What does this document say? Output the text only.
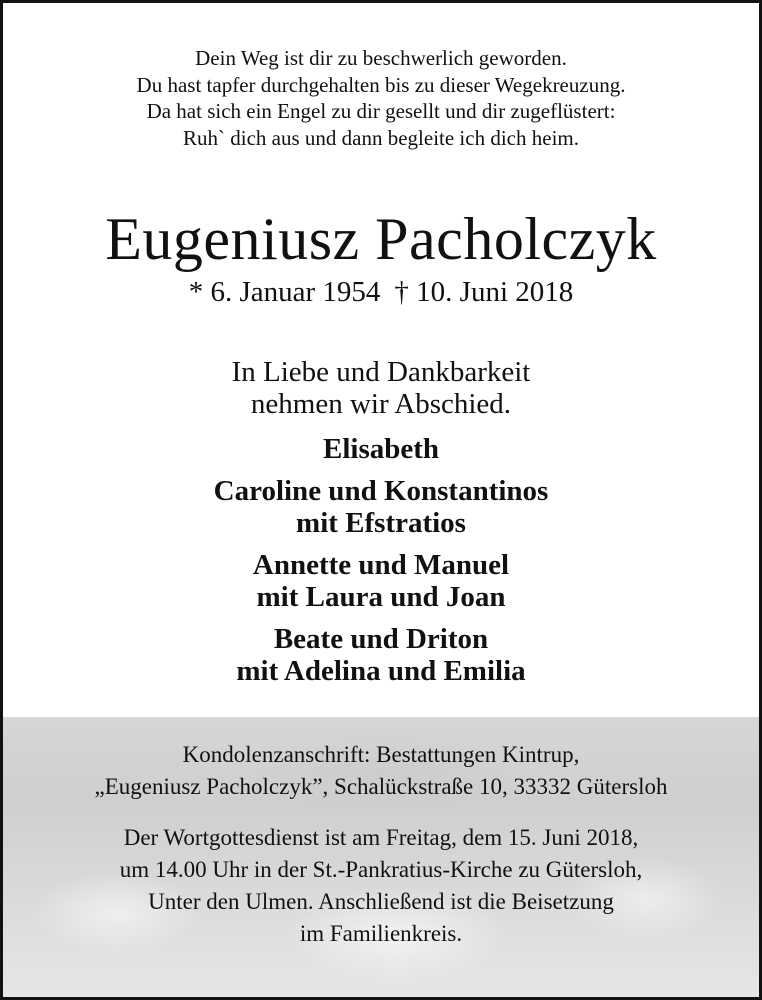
Dein Weg ist dir zu beschwerlich geworden.
Du hast tapfer durchgehalten bis zu dieser Wegekreuzung.
Da hat sich ein Engel zu dir gesellt und dir zugeflüstert:
Ruh` dich aus und dann begleite ich dich heim.
Eugeniusz Pacholczyk
* 6. Januar 1954 † 10. Juni 2018
In Liebe und Dankbarkeit
nehmen wir Abschied.
Elisabeth
Caroline und Konstantinos
mit Efstratios
Annette und Manuel
mit Laura und Joan
Beate und Driton
mit Adelina und Emilia
Kondolenzanschrift: Bestattungen Kintrup,
„Eugeniusz Pacholczyk”, Schalückstraße 10, 33332 Gütersloh
Der Wortgottesdienst ist am Freitag, dem 15. Juni 2018,
um 14.00 Uhr in der St.-Pankratius-Kirche zu Gütersloh,
Unter den Ulmen. Anschließend ist die Beisetzung
im Familienkreis.
